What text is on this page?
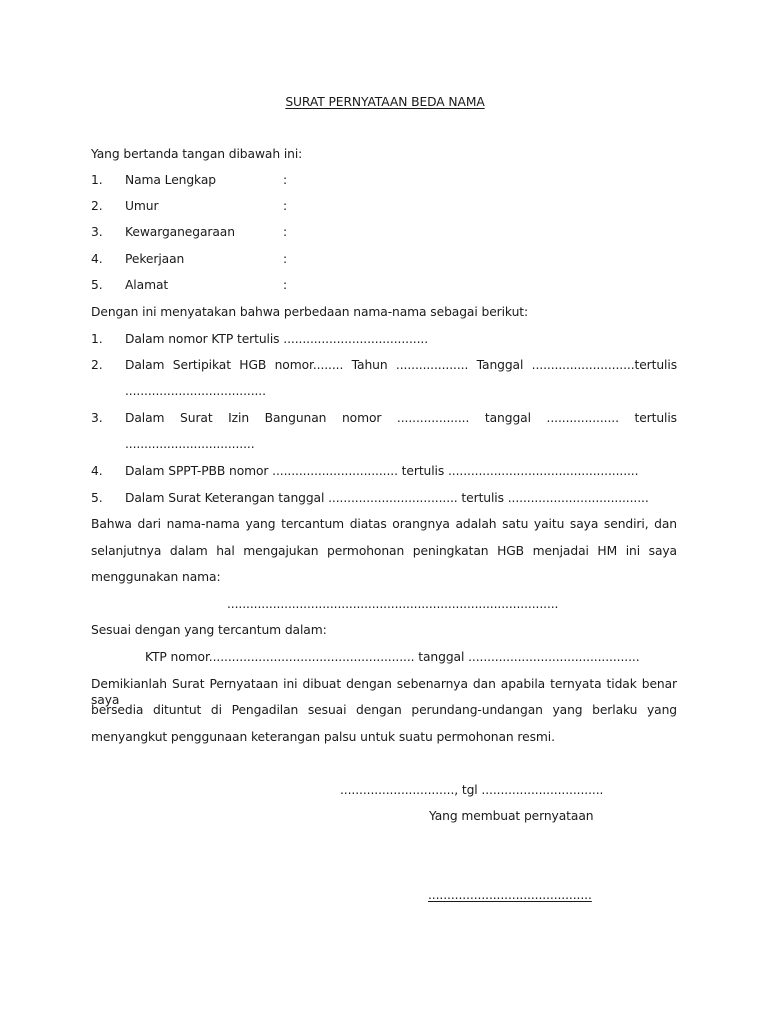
SURAT PERNYATAAN BEDA NAMA
Yang bertanda tangan dibawah ini:
1. Nama Lengkap	:
2. Umur	:
3. Kewarganegaraan	:
4. Pekerjaan	:
5. Alamat	:
Dengan ini menyatakan bahwa perbedaan nama-nama sebagai berikut:
1. Dalam nomor KTP tertulis ......................................
2. Dalam Sertipikat HGB nomor........ Tahun ................... Tanggal ...........................tertulis
.....................................
3. Dalam Surat Izin Bangunan nomor ................... tanggal ................... tertulis
..................................
4. Dalam SPPT-PBB nomor ................................. tertulis ..................................................
5. Dalam Surat Keterangan tanggal .................................. tertulis .....................................
Bahwa dari nama-nama yang tercantum diatas orangnya adalah satu yaitu saya sendiri, dan
selanjutnya dalam hal mengajukan permohonan peningkatan HGB menjadai HM ini saya
menggunakan nama:
.......................................................................................
Sesuai dengan yang tercantum dalam:
KTP nomor...................................................... tanggal .............................................
Demikianlah Surat Pernyataan ini dibuat dengan sebenarnya dan apabila ternyata tidak benar saya
bersedia dituntut di Pengadilan sesuai dengan perundang-undangan yang berlaku yang
menyangkut penggunaan keterangan palsu untuk suatu permohonan resmi.
.............................., tgl ................................
Yang membuat pernyataan
...........................................
